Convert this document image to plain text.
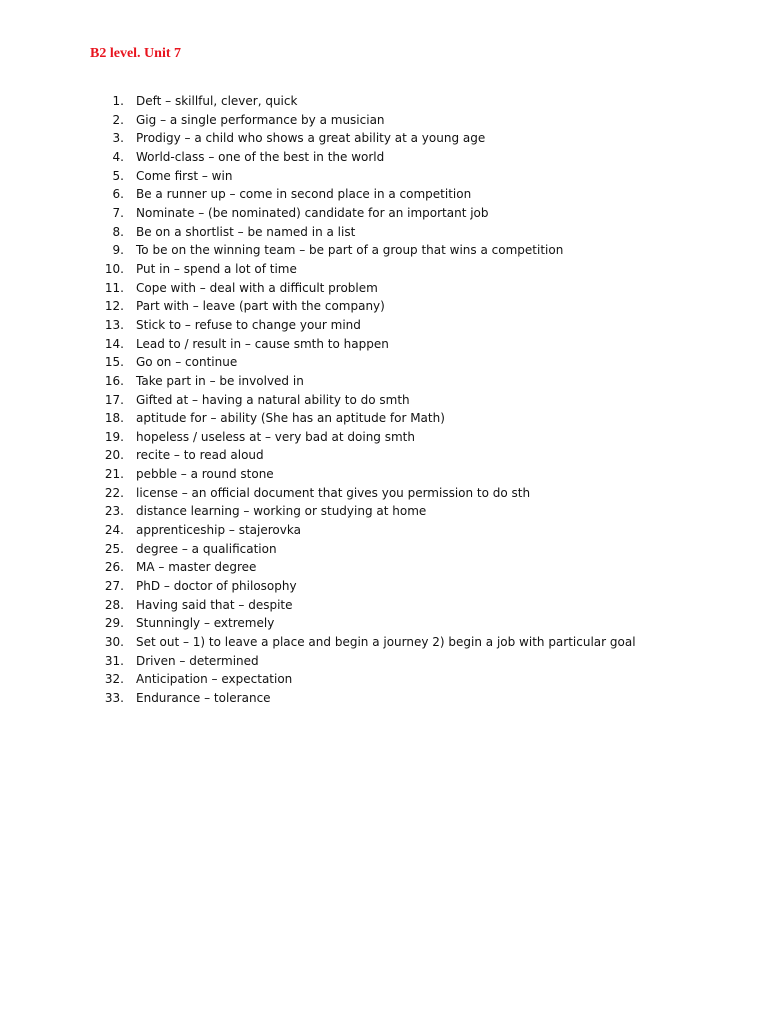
B2 level. Unit 7
1. Deft – skillful, clever, quick
2. Gig – a single performance by a musician
3. Prodigy – a child who shows a great ability at a young age
4. World-class – one of the best in the world
5. Come first – win
6. Be a runner up – come in second place in a competition
7. Nominate – (be nominated) candidate for an important job
8. Be on a shortlist – be named in a list
9. To be on the winning team – be part of a group that wins a competition
10. Put in – spend a lot of time
11. Cope with – deal with a difficult problem
12. Part with – leave (part with the company)
13. Stick to – refuse to change your mind
14. Lead to / result in – cause smth to happen
15. Go on – continue
16. Take part in – be involved in
17. Gifted at – having a natural ability to do smth
18. aptitude for – ability (She has an aptitude for Math)
19. hopeless / useless at – very bad at doing smth
20. recite – to read aloud
21. pebble – a round stone
22. license – an official document that gives you permission to do sth
23. distance learning – working or studying at home
24. apprenticeship – stajerovka
25. degree – a qualification
26. MA – master degree
27. PhD – doctor of philosophy
28. Having said that – despite
29. Stunningly – extremely
30. Set out – 1) to leave a place and begin a journey 2) begin a job with particular goal
31. Driven – determined
32. Anticipation – expectation
33. Endurance – tolerance
